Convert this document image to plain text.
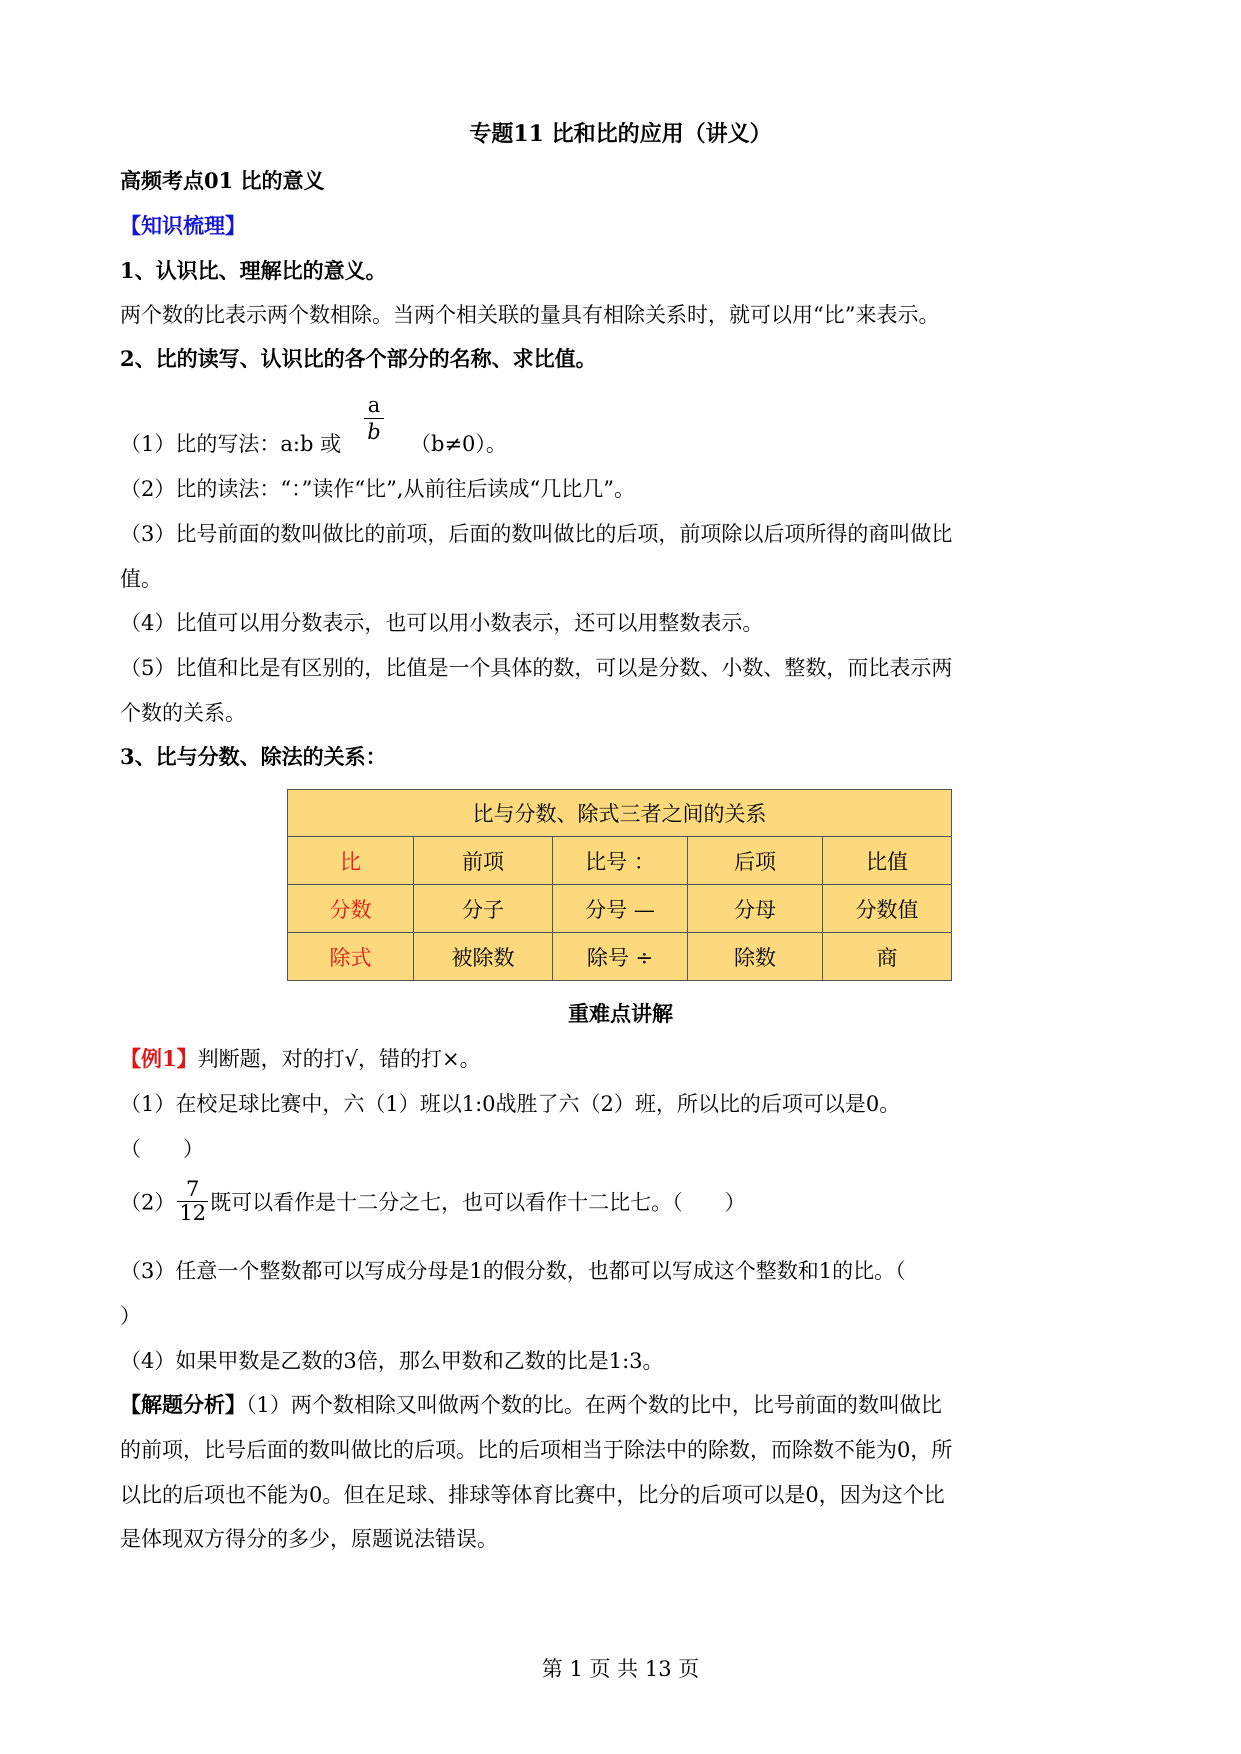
专题11 比和比的应用（讲义）
高频考点01 比的意义
【知识梳理】
1、认识比、理解比的意义。
两个数的比表示两个数相除。当两个相关联的量具有相除关系时，就可以用“比”来表示。
2、比的读写、认识比的各个部分的名称、求比值。
（1）比的写法：a:b 或 $\frac{a}{b} (b\ne 0)$。
（2）比的读法：“：”读作“比”,从前往后读成“几比几”。
（3）比号前面的数叫做比的前项，后面的数叫做比的后项，前项除以后项所得的商叫做比
值。
（4）比值可以用分数表示，也可以用小数表示，还可以用整数表示。
（5）比值和比是有区别的，比值是一个具体的数，可以是分数、小数、整数，而比表示两
个数的关系。
3、比与分数、除法的关系：
比与分数、除式三者之间的关系				
比	前项	比号 ：	后项	比值
分数	分子	分号 —	分母	分数值
除式	被除数	除号 ÷	除数	商
重难点讲解
【例1】判断题，对的打√，错的打×。
（1）在校足球比赛中，六（1）班以1:0战胜了六（2）班，所以比的后项可以是0。
（　　）
$(2) \frac{7}{12}$ 既可以看作是十二分之七，也可以看作十二比七。（　　）
（3）任意一个整数都可以写成分母是1的假分数，也都可以写成这个整数和1的比。（
）
（4）如果甲数是乙数的3倍，那么甲数和乙数的比是1:3。
【解题分析】（1）两个数相除又叫做两个数的比。在两个数的比中，比号前面的数叫做比
的前项，比号后面的数叫做比的后项。比的后项相当于除法中的除数，而除数不能为0，所
以比的后项也不能为0。但在足球、排球等体育比赛中，比分的后项可以是0，因为这个比
是体现双方得分的多少，原题说法错误。
第 1 页 共 13 页
